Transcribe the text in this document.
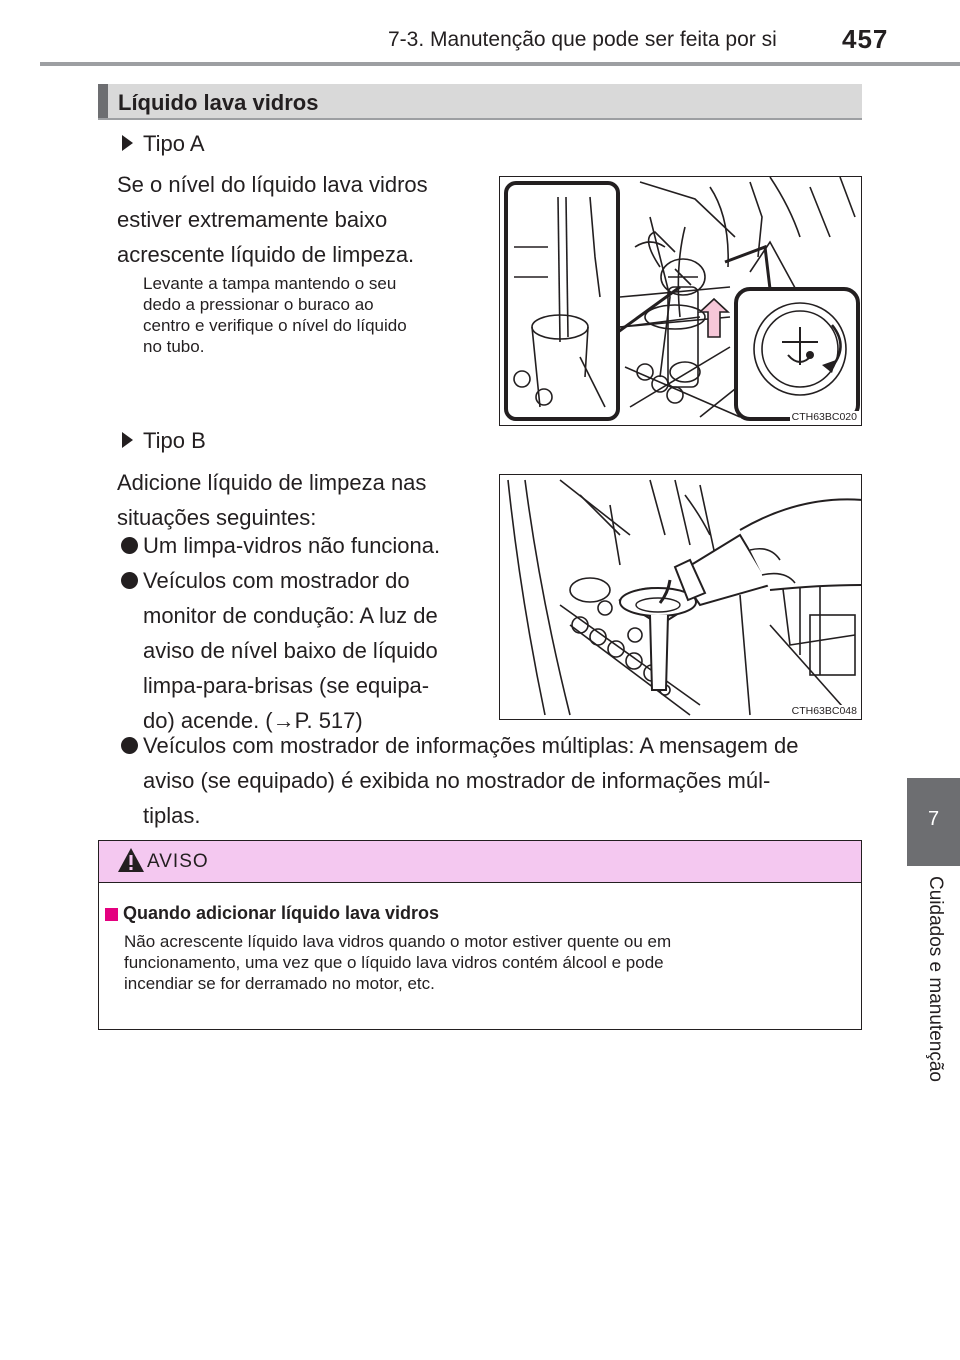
7-3. Manutenção que pode ser feita por si	457
7
Cuidados e manutenção
Líquido lava vidros
Tipo A
Se o nível do líquido lava vidros
estiver extremamente baixo
acrescente líquido de limpeza.
Levante a tampa mantendo o seu
dedo a pressionar o buraco ao
centro e verifique o nível do líquido
no tubo.
CTH63BC020
Tipo B
Adicione líquido de limpeza nas
situações seguintes:
Um limpa-vidros não funciona.
Veículos com mostrador do
monitor de condução: A luz de
aviso de nível baixo de líquido
limpa-para-brisas (se equipa-
do) acende. (→P. 517)	CTH63BC048
Veículos com mostrador de informações múltiplas: A mensagem de
aviso (se equipado) é exibida no mostrador de informações múl-
tiplas.
AVISO
Quando adicionar líquido lava vidros
Não acrescente líquido lava vidros quando o motor estiver quente ou em
funcionamento, uma vez que o líquido lava vidros contém álcool e pode
incendiar se for derramado no motor, etc.
